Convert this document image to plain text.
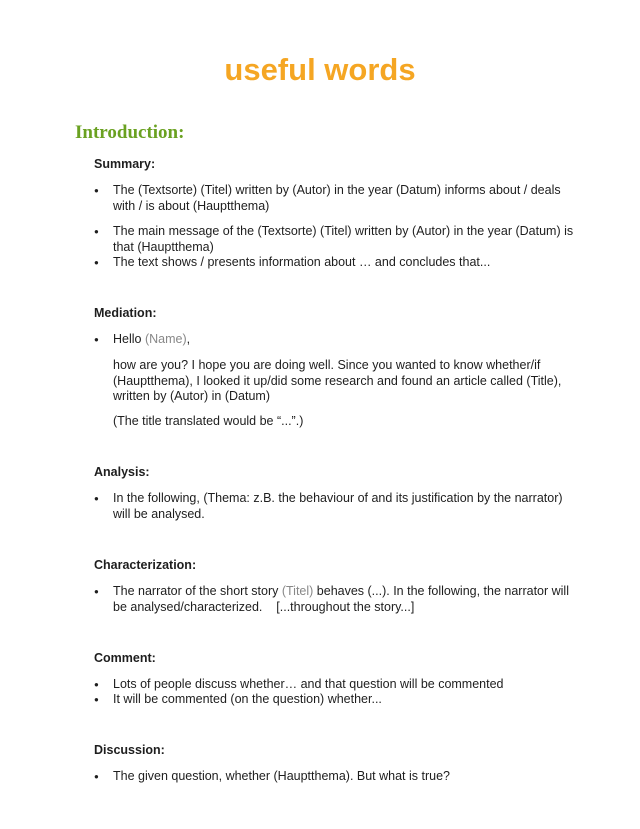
useful words
Introduction:
Summary:
● The (Textsorte) (Titel) written by (Autor) in the year (Datum) informs about / deals with / is about (Hauptthema)
● The main message of the (Textsorte) (Titel) written by (Autor) in the year (Datum) is that (Hauptthema)
● The text shows / presents information about … and concludes that...
Mediation:
● Hello (Name),
how are you? I hope you are doing well. Since you wanted to know whether/if (Hauptthema), I looked it up/did some research and found an article called (Title), written by (Autor) in (Datum)
(The title translated would be “...”.)
Analysis:
● In the following, (Thema: z.B. the behaviour of and its justification by the narrator) will be analysed.
Characterization:
● The narrator of the short story (Titel) behaves (...). In the following, the narrator will be analysed/characterized.    [...throughout the story...]
Comment:
● Lots of people discuss whether… and that question will be commented
● It will be commented (on the question) whether...
Discussion:
● The given question, whether (Hauptthema). But what is true?
